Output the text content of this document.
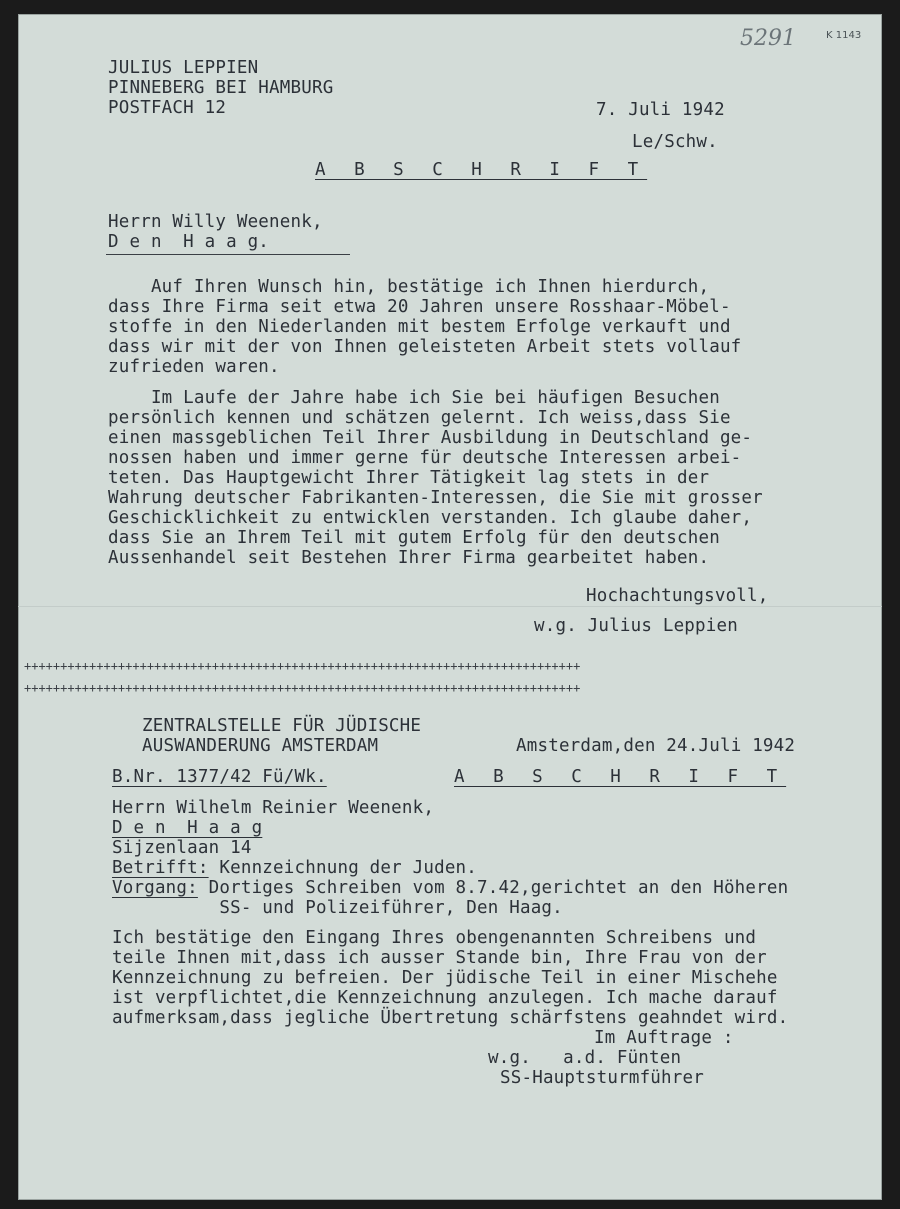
5291	K 1143
JULIUS LEPPIEN
PINNEBERG BEI HAMBURG
POSTFACH 12	7. Juli 1942
Le/Schw.
A B S C H R I F T
Herrn Willy Weenenk,
D e n  H a a g.
Auf Ihren Wunsch hin, bestätige ich Ihnen hierdurch,
dass Ihre Firma seit etwa 20 Jahren unsere Rosshaar-Möbel-
stoffe in den Niederlanden mit bestem Erfolge verkauft und
dass wir mit der von Ihnen geleisteten Arbeit stets vollauf
zufrieden waren.
Im Laufe der Jahre habe ich Sie bei häufigen Besuchen
persönlich kennen und schätzen gelernt. Ich weiss,dass Sie
einen massgeblichen Teil Ihrer Ausbildung in Deutschland ge-
nossen haben und immer gerne für deutsche Interessen arbei-
teten. Das Hauptgewicht Ihrer Tätigkeit lag stets in der
Wahrung deutscher Fabrikanten-Interessen, die Sie mit grosser
Geschicklichkeit zu entwicklen verstanden. Ich glaube daher,
dass Sie an Ihrem Teil mit gutem Erfolg für den deutschen
Aussenhandel seit Bestehen Ihrer Firma gearbeitet haben.
Hochachtungsvoll,
w.g. Julius Leppien
+++++++++++++++++++++++++++++++++++++++++++++++++++++++++++++++++++++++++++++
+++++++++++++++++++++++++++++++++++++++++++++++++++++++++++++++++++++++++++++
ZENTRALSTELLE FÜR JÜDISCHE
AUSWANDERUNG AMSTERDAM	Amsterdam,den 24.Juli 1942
B.Nr. 1377/42 Fü/Wk.	A B S C H R I F T
Herrn Wilhelm Reinier Weenenk,
D e n  H a a g
Sijzenlaan 14
Betrifft: Kennzeichnung der Juden.
Vorgang: Dortiges Schreiben vom 8.7.42,gerichtet an den Höheren
SS- und Polizeiführer, Den Haag.
Ich bestätige den Eingang Ihres obengenannten Schreibens und
teile Ihnen mit,dass ich ausser Stande bin, Ihre Frau von der
Kennzeichnung zu befreien. Der jüdische Teil in einer Mischehe
ist verpflichtet,die Kennzeichnung anzulegen. Ich mache darauf
aufmerksam,dass jegliche Übertretung schärfstens geahndet wird.
Im Auftrage :
w.g.   a.d. Fünten
SS-Hauptsturmführer
